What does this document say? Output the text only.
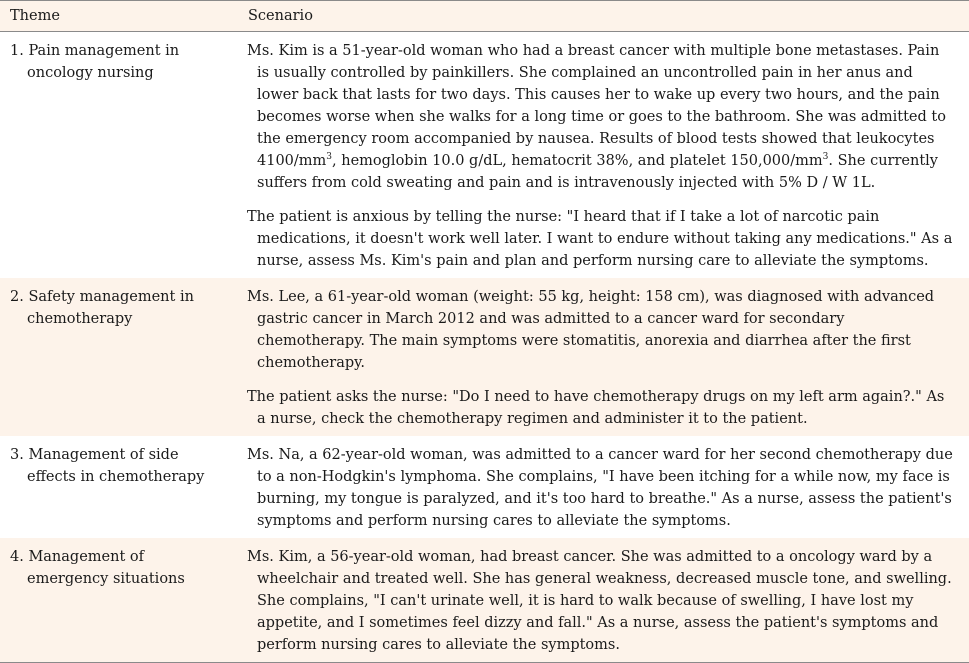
Theme	Scenario

1. Pain management in oncology nursing	Ms. Kim is a 51-year-old woman who had a breast cancer with multiple bone metastases. Pain is usually controlled by painkillers. She complained an uncontrolled pain in her anus and lower back that lasts for two days. This causes her to wake up every two hours, and the pain becomes worse when she walks for a long time or goes to the bathroom. She was admitted to the emergency room accompanied by nausea. Results of blood tests showed that leukocytes $4100/mm^3$, hemoglobin 10.0 g/dL, hematocrit 38%, and platelet $150,000/mm^3$. She currently suffers from cold sweating and pain and is intravenously injected with 5% D / W 1L.

The patient is anxious by telling the nurse: "I heard that if I take a lot of narcotic pain medications, it doesn't work well later. I want to endure without taking any medications." As a nurse, assess Ms. Kim's pain and plan and perform nursing care to alleviate the symptoms.

2. Safety management in chemotherapy	Ms. Lee, a 61-year-old woman (weight: 55 kg, height: 158 cm), was diagnosed with advanced gastric cancer in March 2012 and was admitted to a cancer ward for secondary chemotherapy. The main symptoms were stomatitis, anorexia and diarrhea after the first chemotherapy.

The patient asks the nurse: "Do I need to have chemotherapy drugs on my left arm again?." As a nurse, check the chemotherapy regimen and administer it to the patient.

3. Management of side effects in chemotherapy	Ms. Na, a 62-year-old woman, was admitted to a cancer ward for her second chemotherapy due to a non-Hodgkin's lymphoma. She complains, "I have been itching for a while now, my face is burning, my tongue is paralyzed, and it's too hard to breathe." As a nurse, assess the patient's symptoms and perform nursing cares to alleviate the symptoms.

4. Management of emergency situations	Ms. Kim, a 56-year-old woman, had breast cancer. She was admitted to a oncology ward by a wheelchair and treated well. She has general weakness, decreased muscle tone, and swelling. She complains, "I can't urinate well, it is hard to walk because of swelling, I have lost my appetite, and I sometimes feel dizzy and fall." As a nurse, assess the patient's symptoms and perform nursing cares to alleviate the symptoms.
